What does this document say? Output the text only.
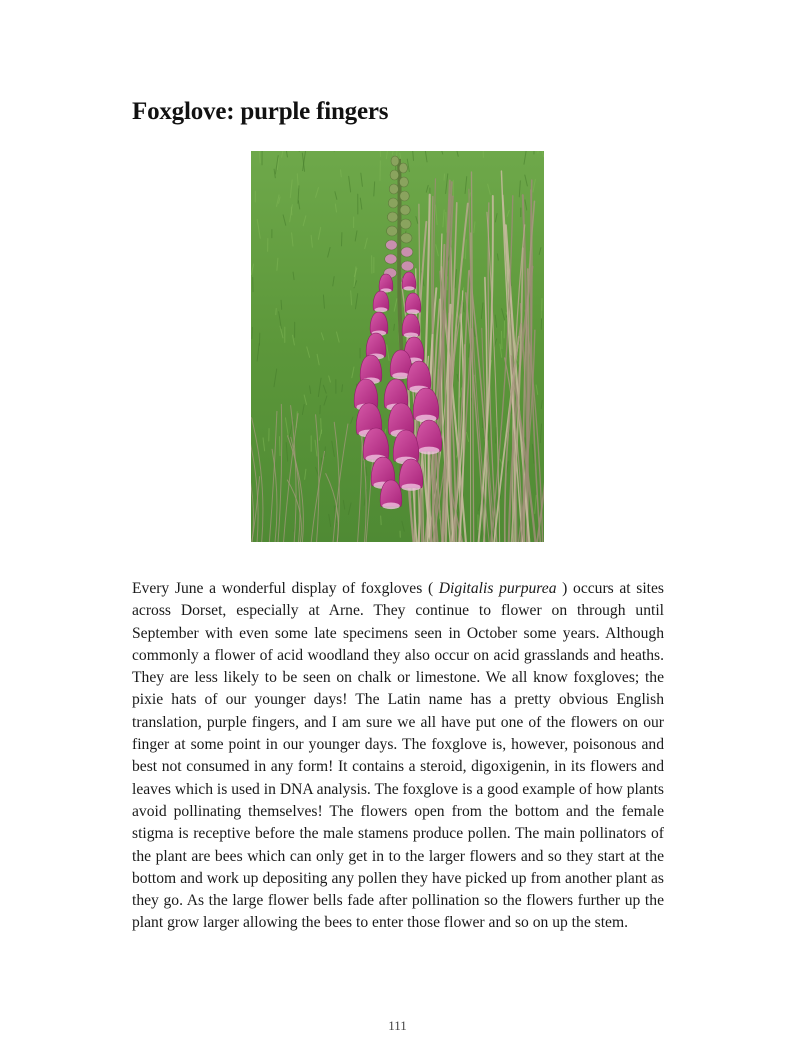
Foxglove: purple fingers

Every June a wonderful display of foxgloves ( Digitalis purpurea ) occurs at sites across Dorset, especially at Arne. They continue to flower on through until September with even some late specimens seen in October some years. Although commonly a flower of acid woodland they also occur on acid grasslands and heaths. They are less likely to be seen on chalk or limestone. We all know foxgloves; the pixie hats of our younger days! The Latin name has a pretty obvious English translation, purple fingers, and I am sure we all have put one of the flowers on our finger at some point in our younger days. The foxglove is, however, poisonous and best not consumed in any form! It contains a steroid, digoxigenin, in its flowers and leaves which is used in DNA analysis. The foxglove is a good example of how plants avoid pollinating themselves! The flowers open from the bottom and the female stigma is receptive before the male stamens produce pollen. The main pollinators of the plant are bees which can only get in to the larger flowers and so they start at the bottom and work up depositing any pollen they have picked up from another plant as they go. As the large flower bells fade after pollination so the flowers further up the plant grow larger allowing the bees to enter those flower and so on up the stem.

111
